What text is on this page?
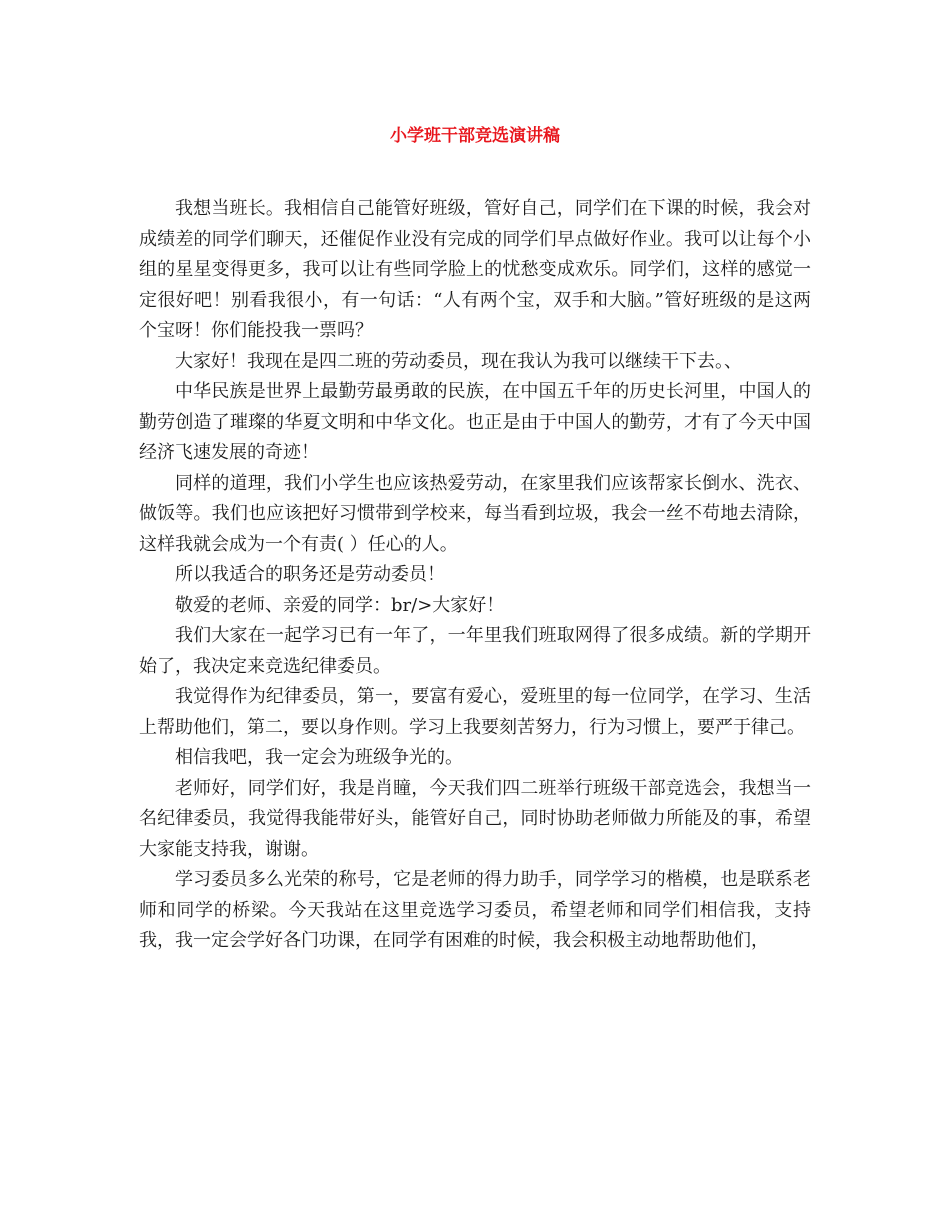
小学班干部竞选演讲稿

我想当班长。我相信自己能管好班级，管好自己，同学们在下课的时候，我会对成绩差的同学们聊天，还催促作业没有完成的同学们早点做好作业。我可以让每个小组的星星变得更多，我可以让有些同学脸上的忧愁变成欢乐。同学们，这样的感觉一定很好吧！别看我很小，有一句话：“人有两个宝，双手和大脑。”管好班级的是这两个宝呀！你们能投我一票吗？

大家好！我现在是四二班的劳动委员，现在我认为我可以继续干下去。、

中华民族是世界上最勤劳最勇敢的民族，在中国五千年的历史长河里，中国人的勤劳创造了璀璨的华夏文明和中华文化。也正是由于中国人的勤劳，才有了今天中国经济飞速发展的奇迹！

同样的道理，我们小学生也应该热爱劳动，在家里我们应该帮家长倒水、洗衣、做饭等。我们也应该把好习惯带到学校来，每当看到垃圾，我会一丝不苟地去清除，这样我就会成为一个有责( ）任心的人。

所以我适合的职务还是劳动委员！

敬爱的老师、亲爱的同学：br/>大家好！

我们大家在一起学习已有一年了，一年里我们班取网得了很多成绩。新的学期开始了，我决定来竞选纪律委员。

我觉得作为纪律委员，第一，要富有爱心，爱班里的每一位同学，在学习、生活上帮助他们，第二，要以身作则。学习上我要刻苦努力，行为习惯上，要严于律己。

相信我吧，我一定会为班级争光的。

老师好，同学们好，我是肖瞳，今天我们四二班举行班级干部竞选会，我想当一名纪律委员，我觉得我能带好头，能管好自己，同时协助老师做力所能及的事，希望大家能支持我，谢谢。

学习委员多么光荣的称号，它是老师的得力助手，同学学习的楷模，也是联系老师和同学的桥梁。今天我站在这里竞选学习委员，希望老师和同学们相信我，支持我，我一定会学好各门功课，在同学有困难的时候，我会积极主动地帮助他们，
